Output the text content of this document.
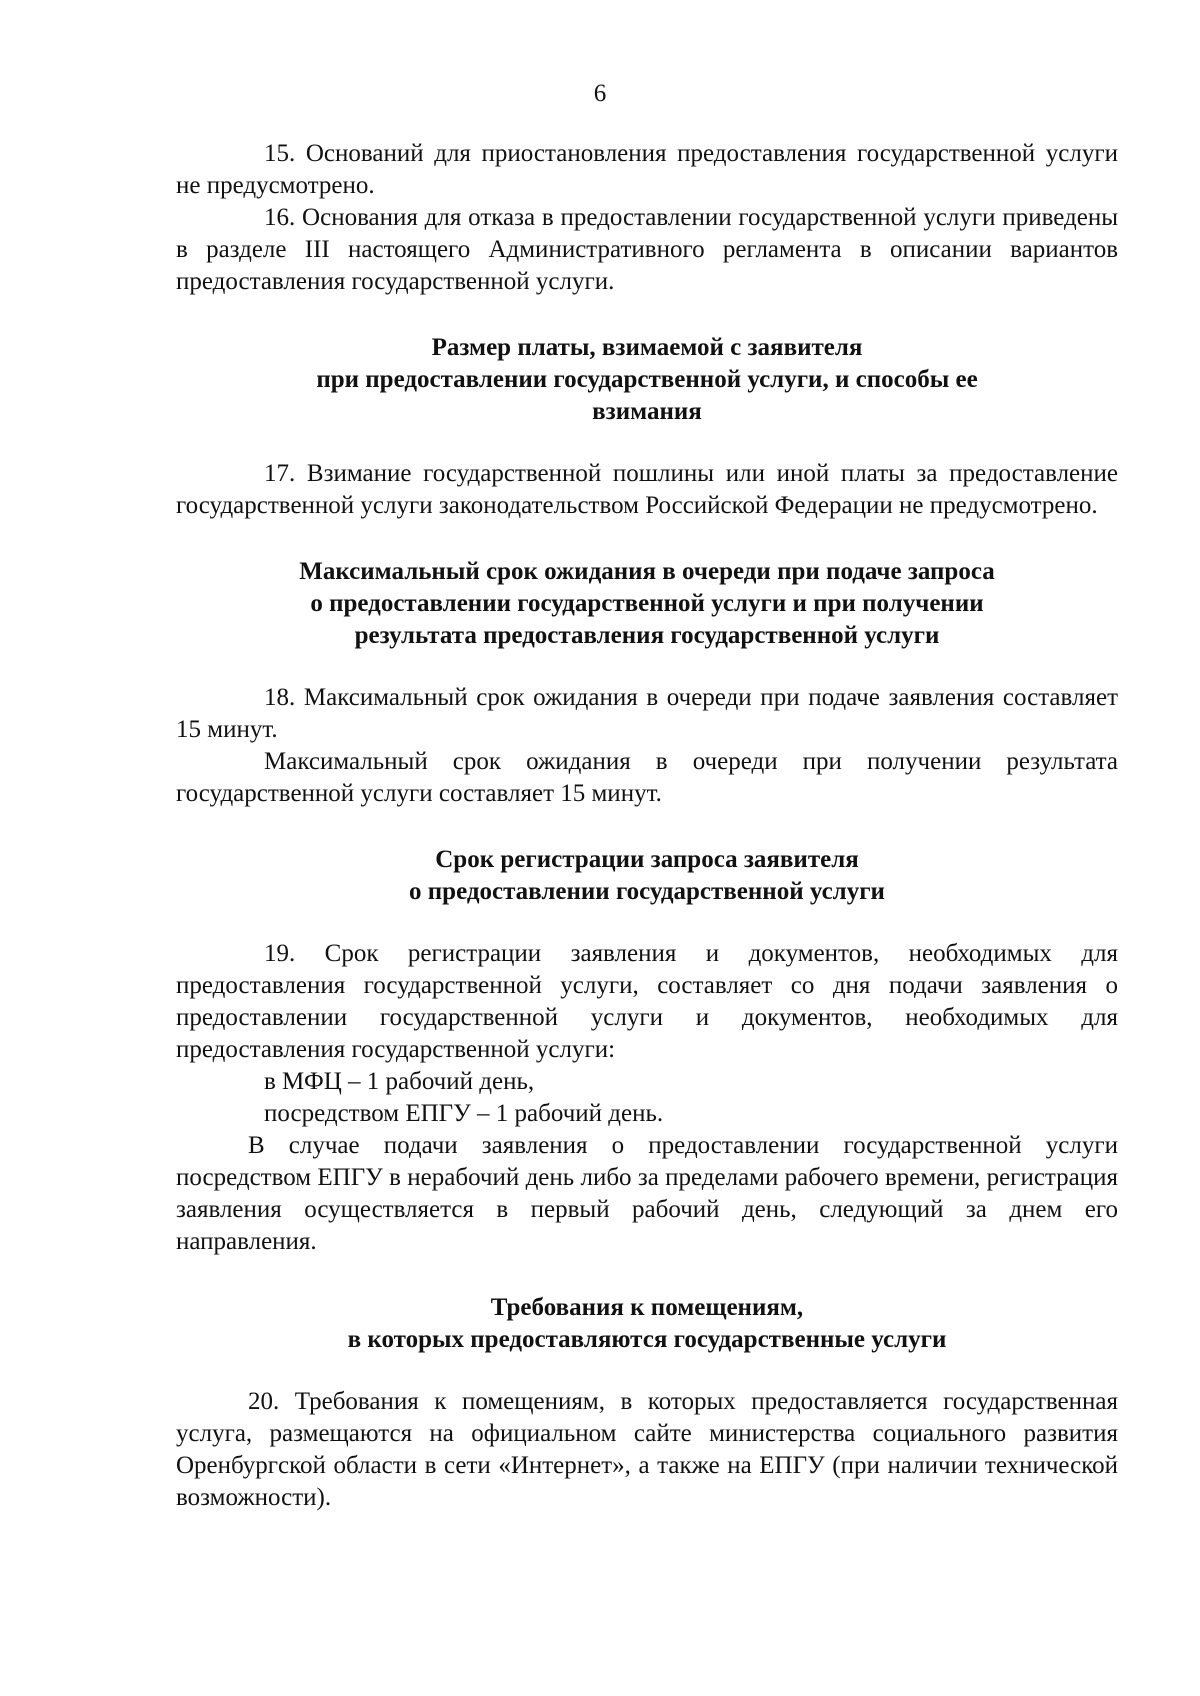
6

15. Оснований для приостановления предоставления государственной услуги не предусмотрено.

16. Основания для отказа в предоставлении государственной услуги приведены в разделе III настоящего Административного регламента в описании вариантов предоставления государственной услуги.

Размер платы, взимаемой с заявителя
при предоставлении государственной услуги, и способы ее
взимания

17. Взимание государственной пошлины или иной платы за предоставление государственной услуги законодательством Российской Федерации не предусмотрено.

Максимальный срок ожидания в очереди при подаче запроса
о предоставлении государственной услуги и при получении
результата предоставления государственной услуги

18. Максимальный срок ожидания в очереди при подаче заявления составляет 15 минут.

Максимальный срок ожидания в очереди при получении результата государственной услуги составляет 15 минут.

Срок регистрации запроса заявителя
о предоставлении государственной услуги

19. Срок регистрации заявления и документов, необходимых для предоставления государственной услуги, составляет со дня подачи заявления о предоставлении государственной услуги и документов, необходимых для предоставления государственной услуги:

в МФЦ – 1 рабочий день,

посредством ЕПГУ – 1 рабочий день.

В случае подачи заявления о предоставлении государственной услуги посредством ЕПГУ в нерабочий день либо за пределами рабочего времени, регистрация заявления осуществляется в первый рабочий день, следующий за днем его направления.

Требования к помещениям,
в которых предоставляются государственные услуги

20. Требования к помещениям, в которых предоставляется государственная услуга, размещаются на официальном сайте министерства социального развития Оренбургской области в сети «Интернет», а также на ЕПГУ (при наличии технической возможности).
